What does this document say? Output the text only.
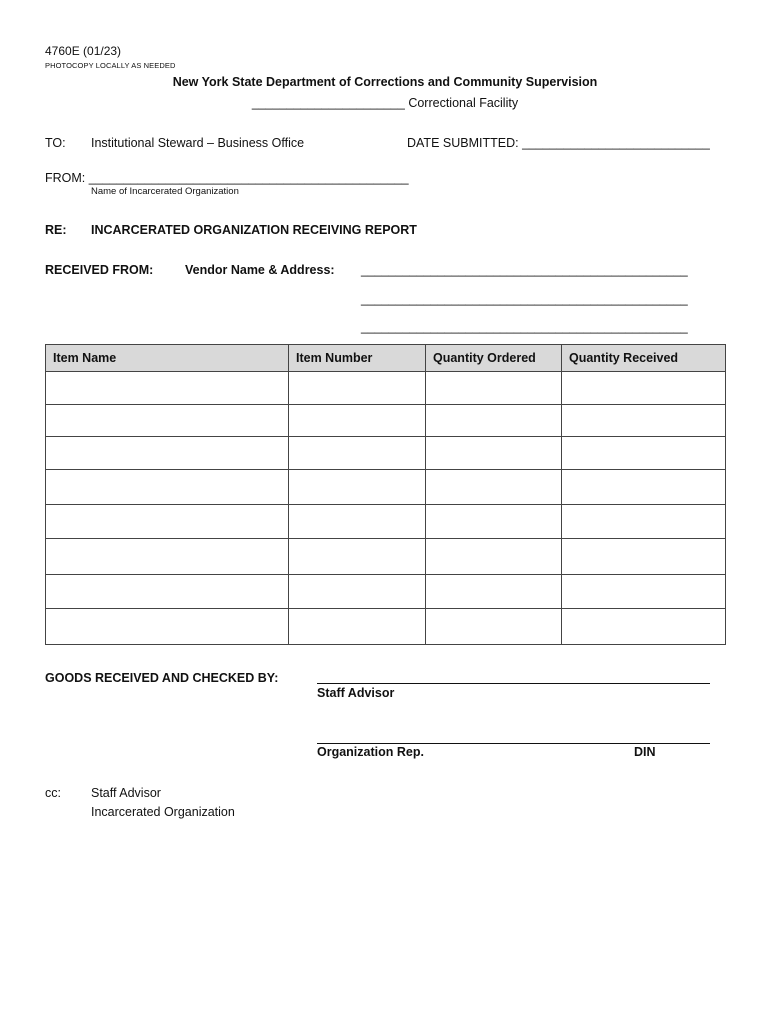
4760E (01/23)
PHOTOCOPY LOCALLY AS NEEDED
New York State Department of Corrections and Community Supervision
______________________ Correctional Facility
TO: Institutional Steward – Business Office	DATE SUBMITTED: ___________________________
FROM: ______________________________________________
Name of Incarcerated Organization
RE: INCARCERATED ORGANIZATION RECEIVING REPORT
RECEIVED FROM:	Vendor Name & Address: _______________________________________________
_______________________________________________
_______________________________________________
Item Name	Item Number	Quantity Ordered	Quantity Received

GOODS RECEIVED AND CHECKED BY:
Staff Advisor
Organization Rep.	DIN
cc: Staff Advisor
Incarcerated Organization
